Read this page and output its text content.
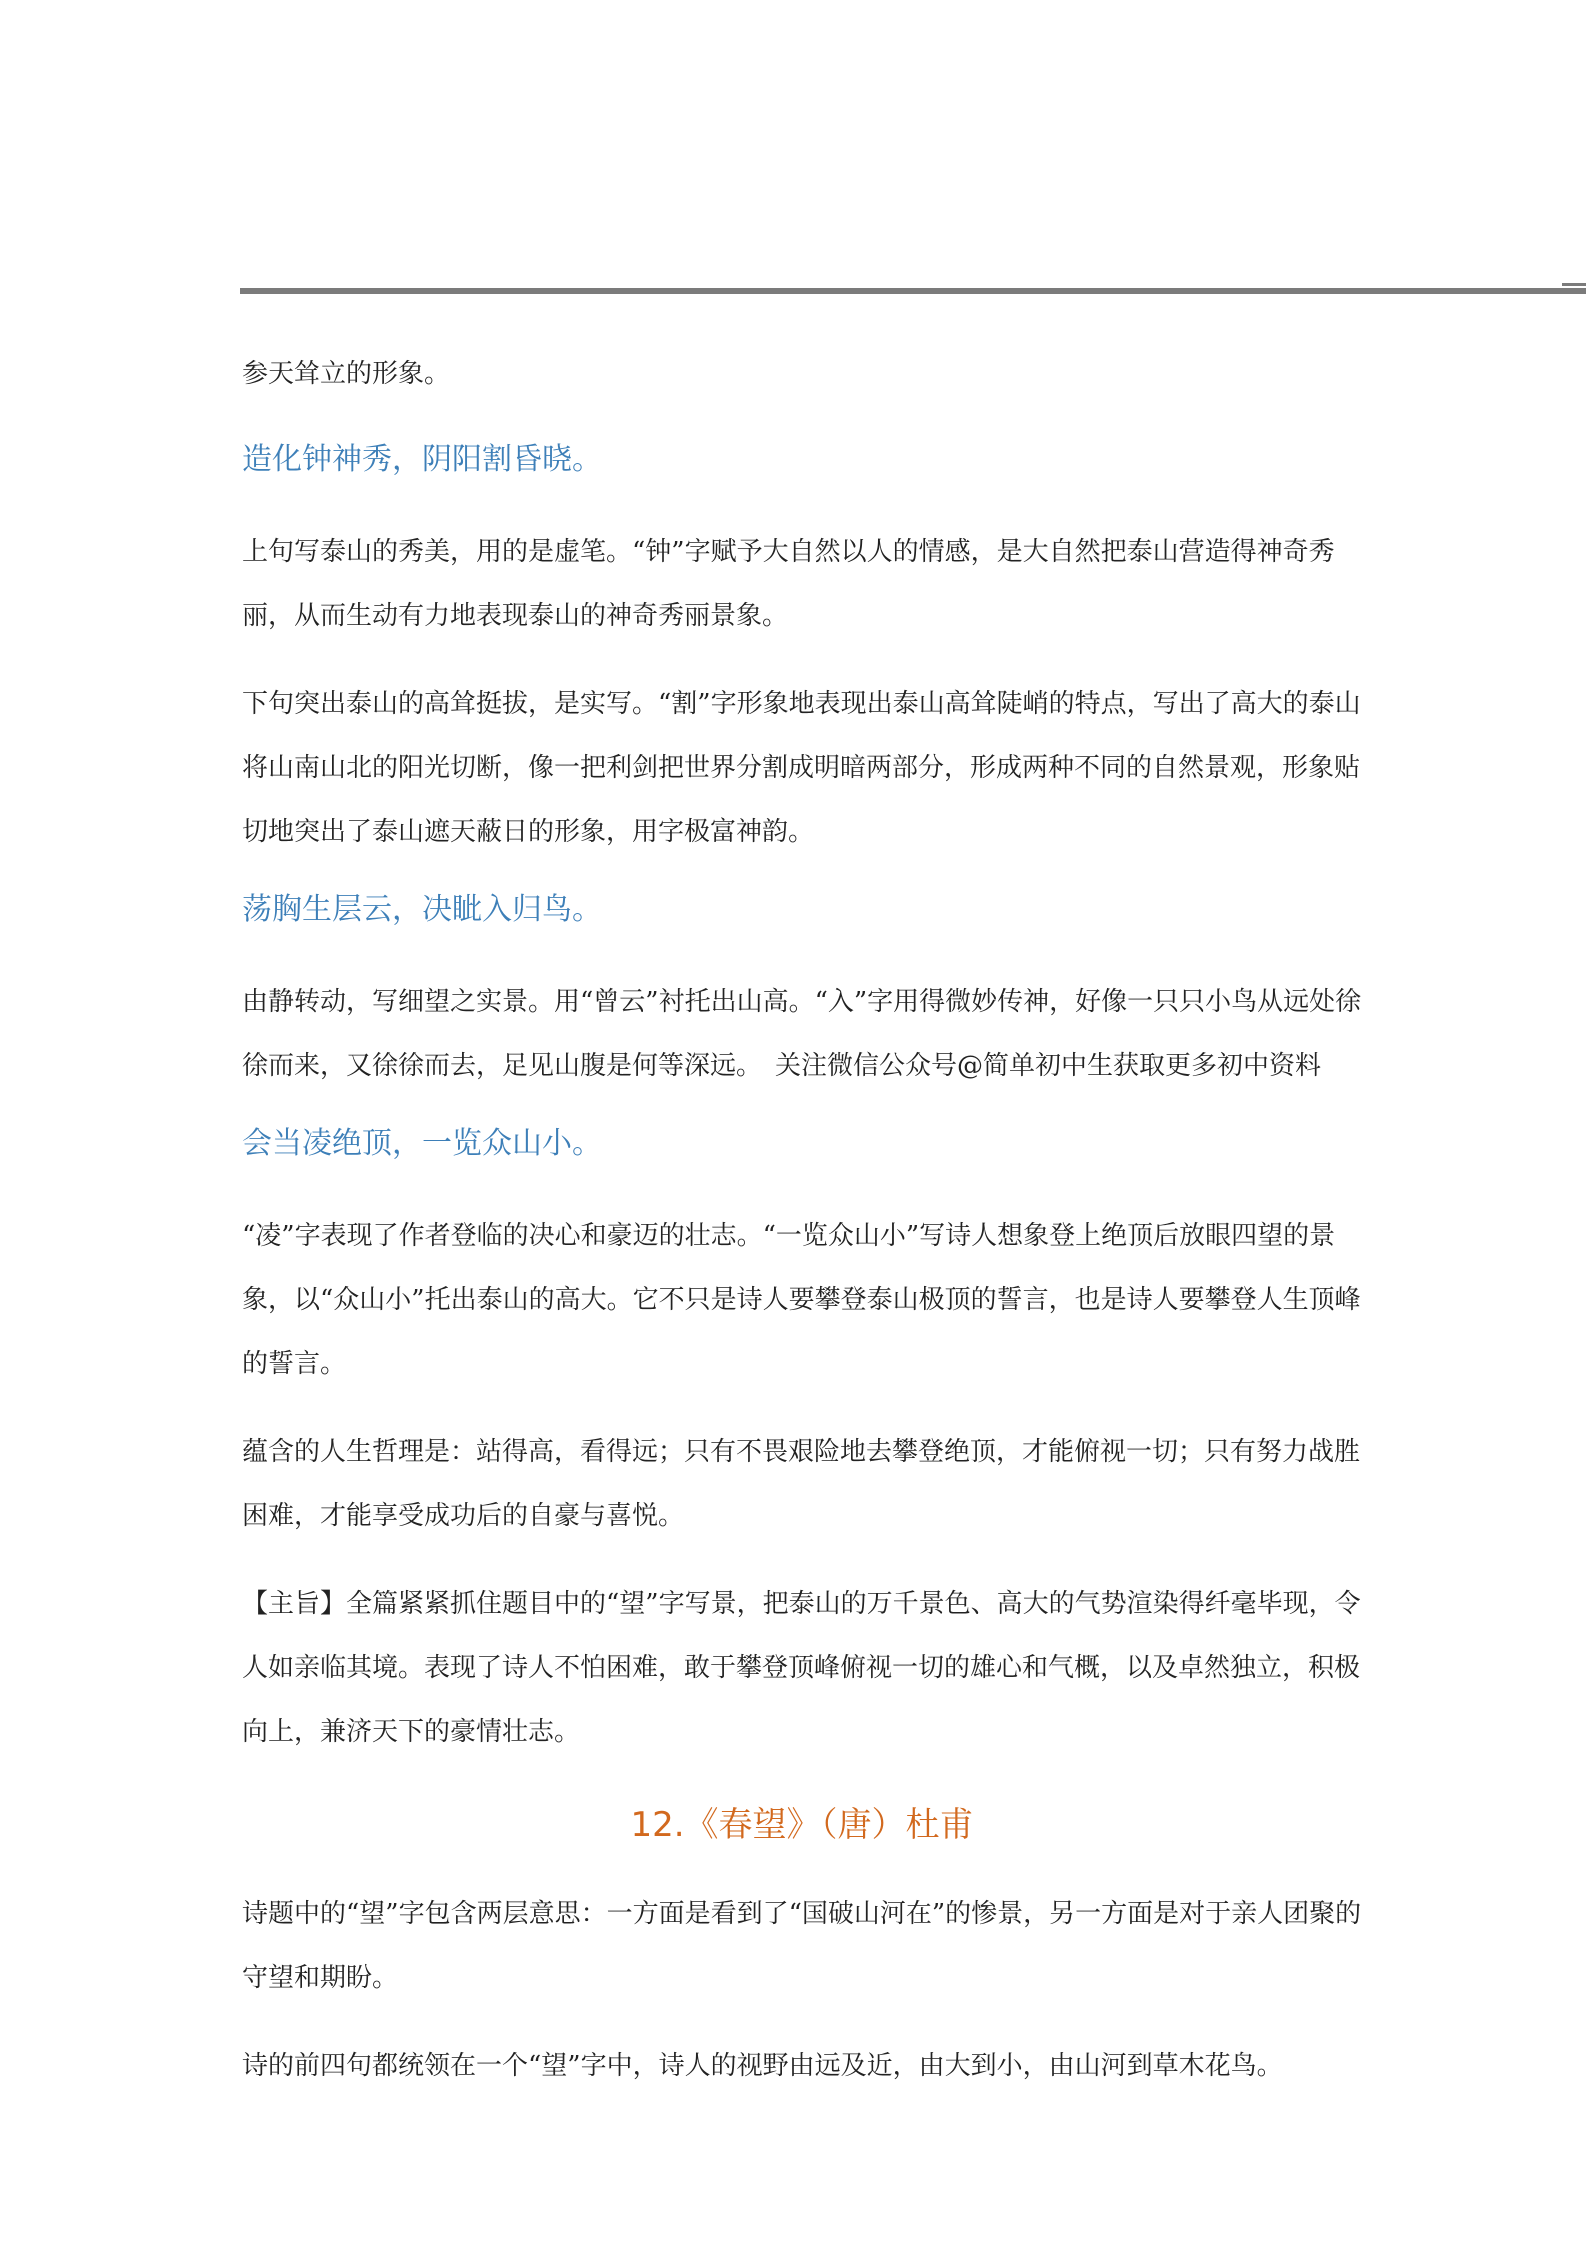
参天耸立的形象。

造化钟神秀，阴阳割昏晓。

上句写泰山的秀美，用的是虚笔。“钟”字赋予大自然以人的情感，是大自然把泰山营造得神奇秀丽，从而生动有力地表现泰山的神奇秀丽景象。

下句突出泰山的高耸挺拔，是实写。“割”字形象地表现出泰山高耸陡峭的特点，写出了高大的泰山将山南山北的阳光切断，像一把利剑把世界分割成明暗两部分，形成两种不同的自然景观，形象贴切地突出了泰山遮天蔽日的形象，用字极富神韵。

荡胸生层云，决眦入归鸟。

由静转动，写细望之实景。用“曾云”衬托出山高。“入”字用得微妙传神，好像一只只小鸟从远处徐徐而来，又徐徐而去，足见山腹是何等深远。　关注微信公众号@简单初中生获取更多初中资料

会当凌绝顶，一览众山小。

“凌”字表现了作者登临的决心和豪迈的壮志。“一览众山小”写诗人想象登上绝顶后放眼四望的景象，以“众山小”托出泰山的高大。它不只是诗人要攀登泰山极顶的誓言，也是诗人要攀登人生顶峰的誓言。

蕴含的人生哲理是：站得高，看得远；只有不畏艰险地去攀登绝顶，才能俯视一切；只有努力战胜困难，才能享受成功后的自豪与喜悦。

【主旨】全篇紧紧抓住题目中的“望”字写景，把泰山的万千景色、高大的气势渲染得纤毫毕现，令人如亲临其境。表现了诗人不怕困难，敢于攀登顶峰俯视一切的雄心和气概，以及卓然独立，积极向上，兼济天下的豪情壮志。

12.《春望》（唐）杜甫

诗题中的“望”字包含两层意思：一方面是看到了“国破山河在”的惨景，另一方面是对于亲人团聚的守望和期盼。

诗的前四句都统领在一个“望”字中，诗人的视野由远及近，由大到小，由山河到草木花鸟。
